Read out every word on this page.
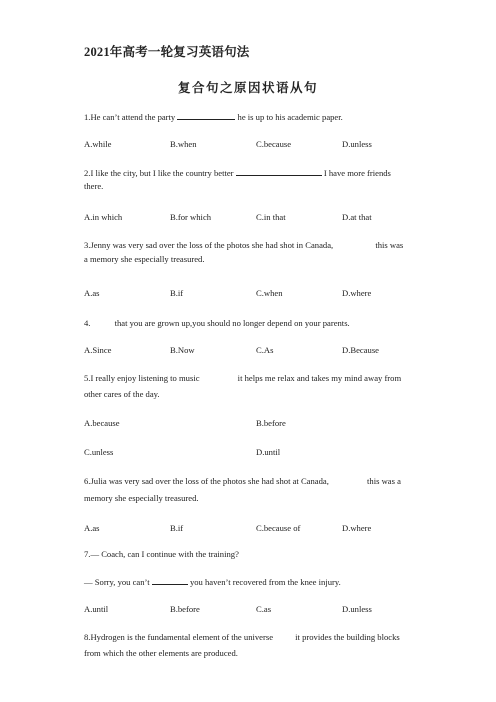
2021年高考一轮复习英语句法
复合句之原因状语从句
1.He can’t attend the party	he is up to his academic paper.
A.while	B.when	C.because	D.unless
2.I like the city, but I like the country better	I have more friends
there.
A.in which	B.for which	C.in that	D.at that
3.Jenny was very sad over the loss of the photos she had shot in Canada,	this was
a memory she especially treasured.
A.as	B.if	C.when	D.where
4.	that you are grown up,you should no longer depend on your parents.
A.Since	B.Now	C.As	D.Because
5.I really enjoy listening to music	it helps me relax and takes my mind away from
other cares of the day.
A.because	B.before
C.unless	D.until
6.Julia was very sad over the loss of the photos she had shot at Canada,	this was a
memory she especially treasured.
A.as	B.if	C.because of	D.where
7.— Coach, can I continue with the training?
— Sorry, you can’t	you haven’t recovered from the knee injury.
A.until	B.before	C.as	D.unless
8.Hydrogen is the fundamental element of the universe it provides the building blocks
from which the other elements are produced.
